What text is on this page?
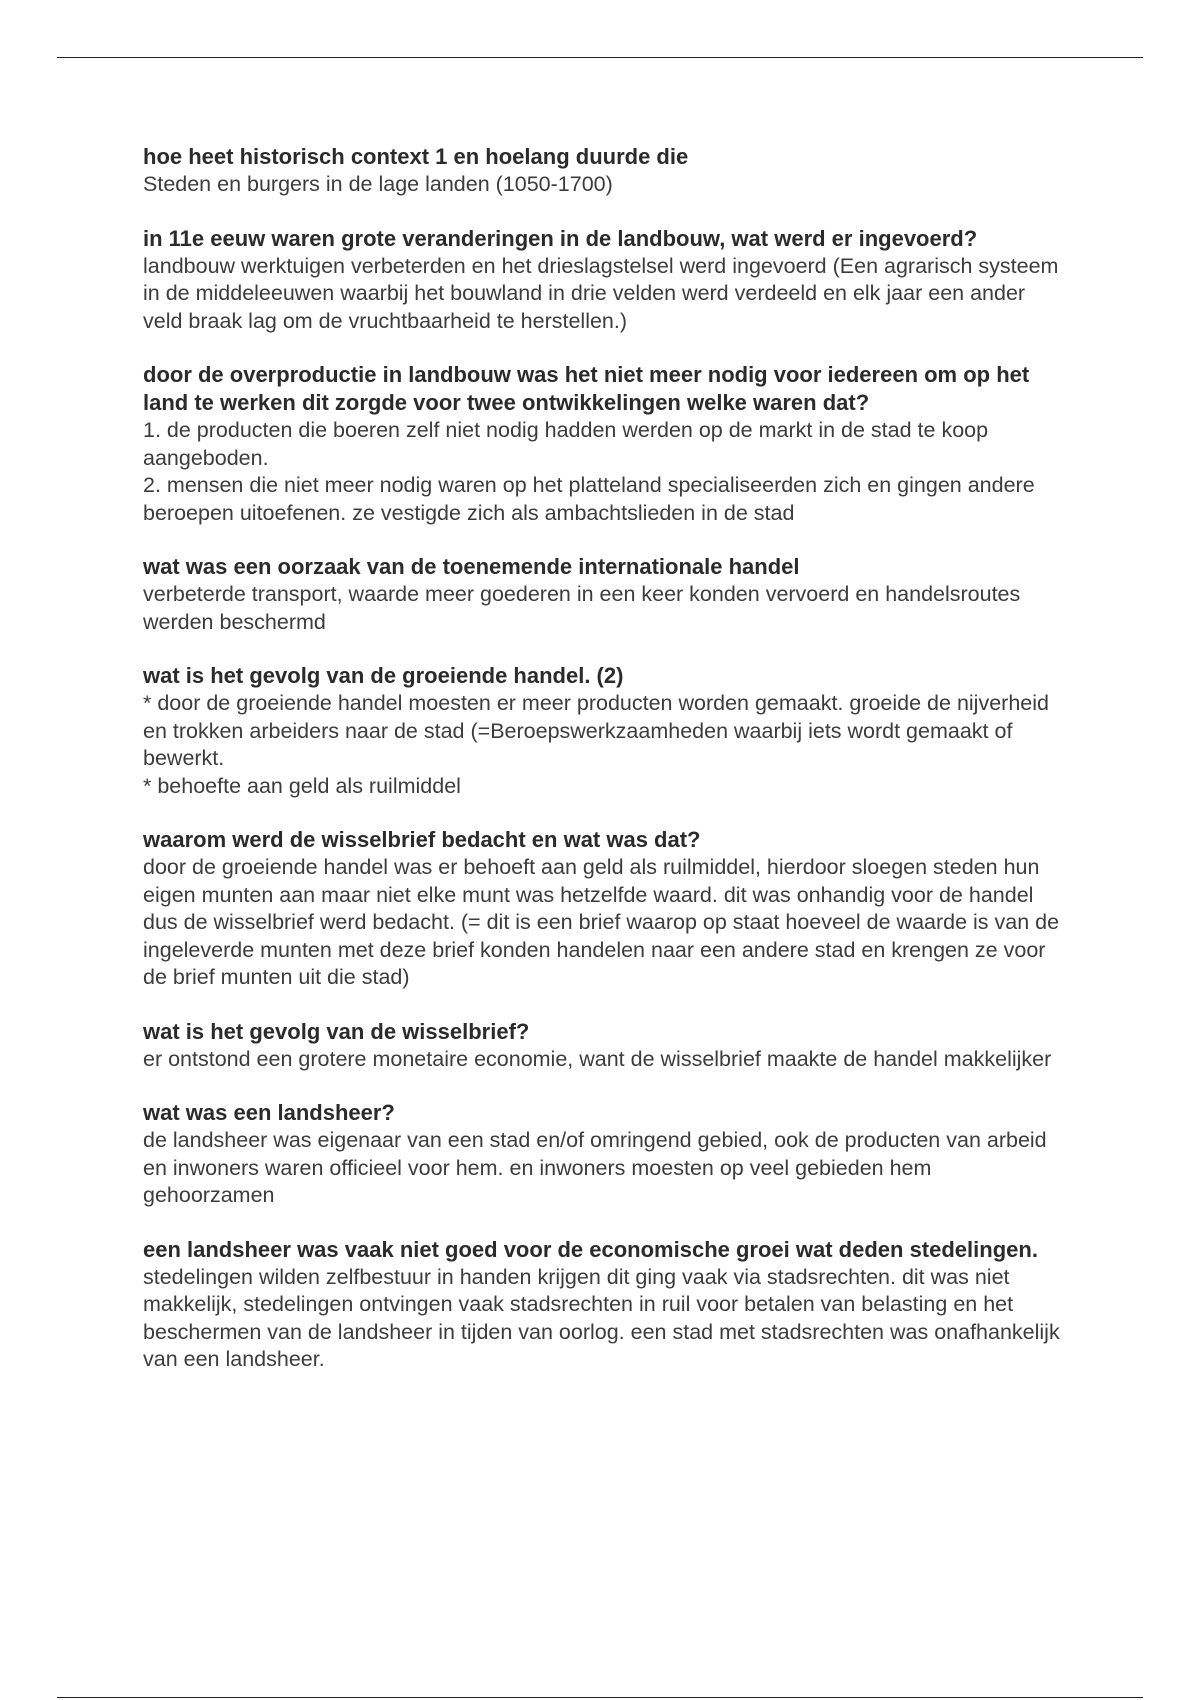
hoe heet historisch context 1 en hoelang duurde die

Steden en burgers in de lage landen (1050-1700)

in 11e eeuw waren grote veranderingen in de landbouw, wat werd er ingevoerd?

landbouw werktuigen verbeterden en het drieslagstelsel werd ingevoerd (Een agrarisch systeem in de middeleeuwen waarbij het bouwland in drie velden werd verdeeld en elk jaar een ander veld braak lag om de vruchtbaarheid te herstellen.)

door de overproductie in landbouw was het niet meer nodig voor iedereen om op het land te werken dit zorgde voor twee ontwikkelingen welke waren dat?

1. de producten die boeren zelf niet nodig hadden werden op de markt in de stad te koop aangeboden.
2. mensen die niet meer nodig waren op het platteland specialiseerden zich en gingen andere beroepen uitoefenen. ze vestigde zich als ambachtslieden in de stad

wat was een oorzaak van de toenemende internationale handel

verbeterde transport, waarde meer goederen in een keer konden vervoerd en handelsroutes werden beschermd

wat is het gevolg van de groeiende handel. (2)

* door de groeiende handel moesten er meer producten worden gemaakt. groeide de nijverheid en trokken arbeiders naar de stad (=Beroepswerkzaamheden waarbij iets wordt gemaakt of bewerkt.
* behoefte aan geld als ruilmiddel

waarom werd de wisselbrief bedacht en wat was dat?

door de groeiende handel was er behoeft aan geld als ruilmiddel, hierdoor sloegen steden hun eigen munten aan maar niet elke munt was hetzelfde waard. dit was onhandig voor de handel dus de wisselbrief werd bedacht. (= dit is een brief waarop op staat hoeveel de waarde is van de ingeleverde munten met deze brief konden handelen naar een andere stad en krengen ze voor de brief munten uit die stad)

wat is het gevolg van de wisselbrief?

er ontstond een grotere monetaire economie, want de wisselbrief maakte de handel makkelijker

wat was een landsheer?

de landsheer was eigenaar van een stad en/of omringend gebied, ook de producten van arbeid en inwoners waren officieel voor hem. en inwoners moesten op veel gebieden hem gehoorzamen

een landsheer was vaak niet goed voor de economische groei wat deden stedelingen.

stedelingen wilden zelfbestuur in handen krijgen dit ging vaak via stadsrechten. dit was niet makkelijk, stedelingen ontvingen vaak stadsrechten in ruil voor betalen van belasting en het beschermen van de landsheer in tijden van oorlog. een stad met stadsrechten was onafhankelijk van een landsheer.
